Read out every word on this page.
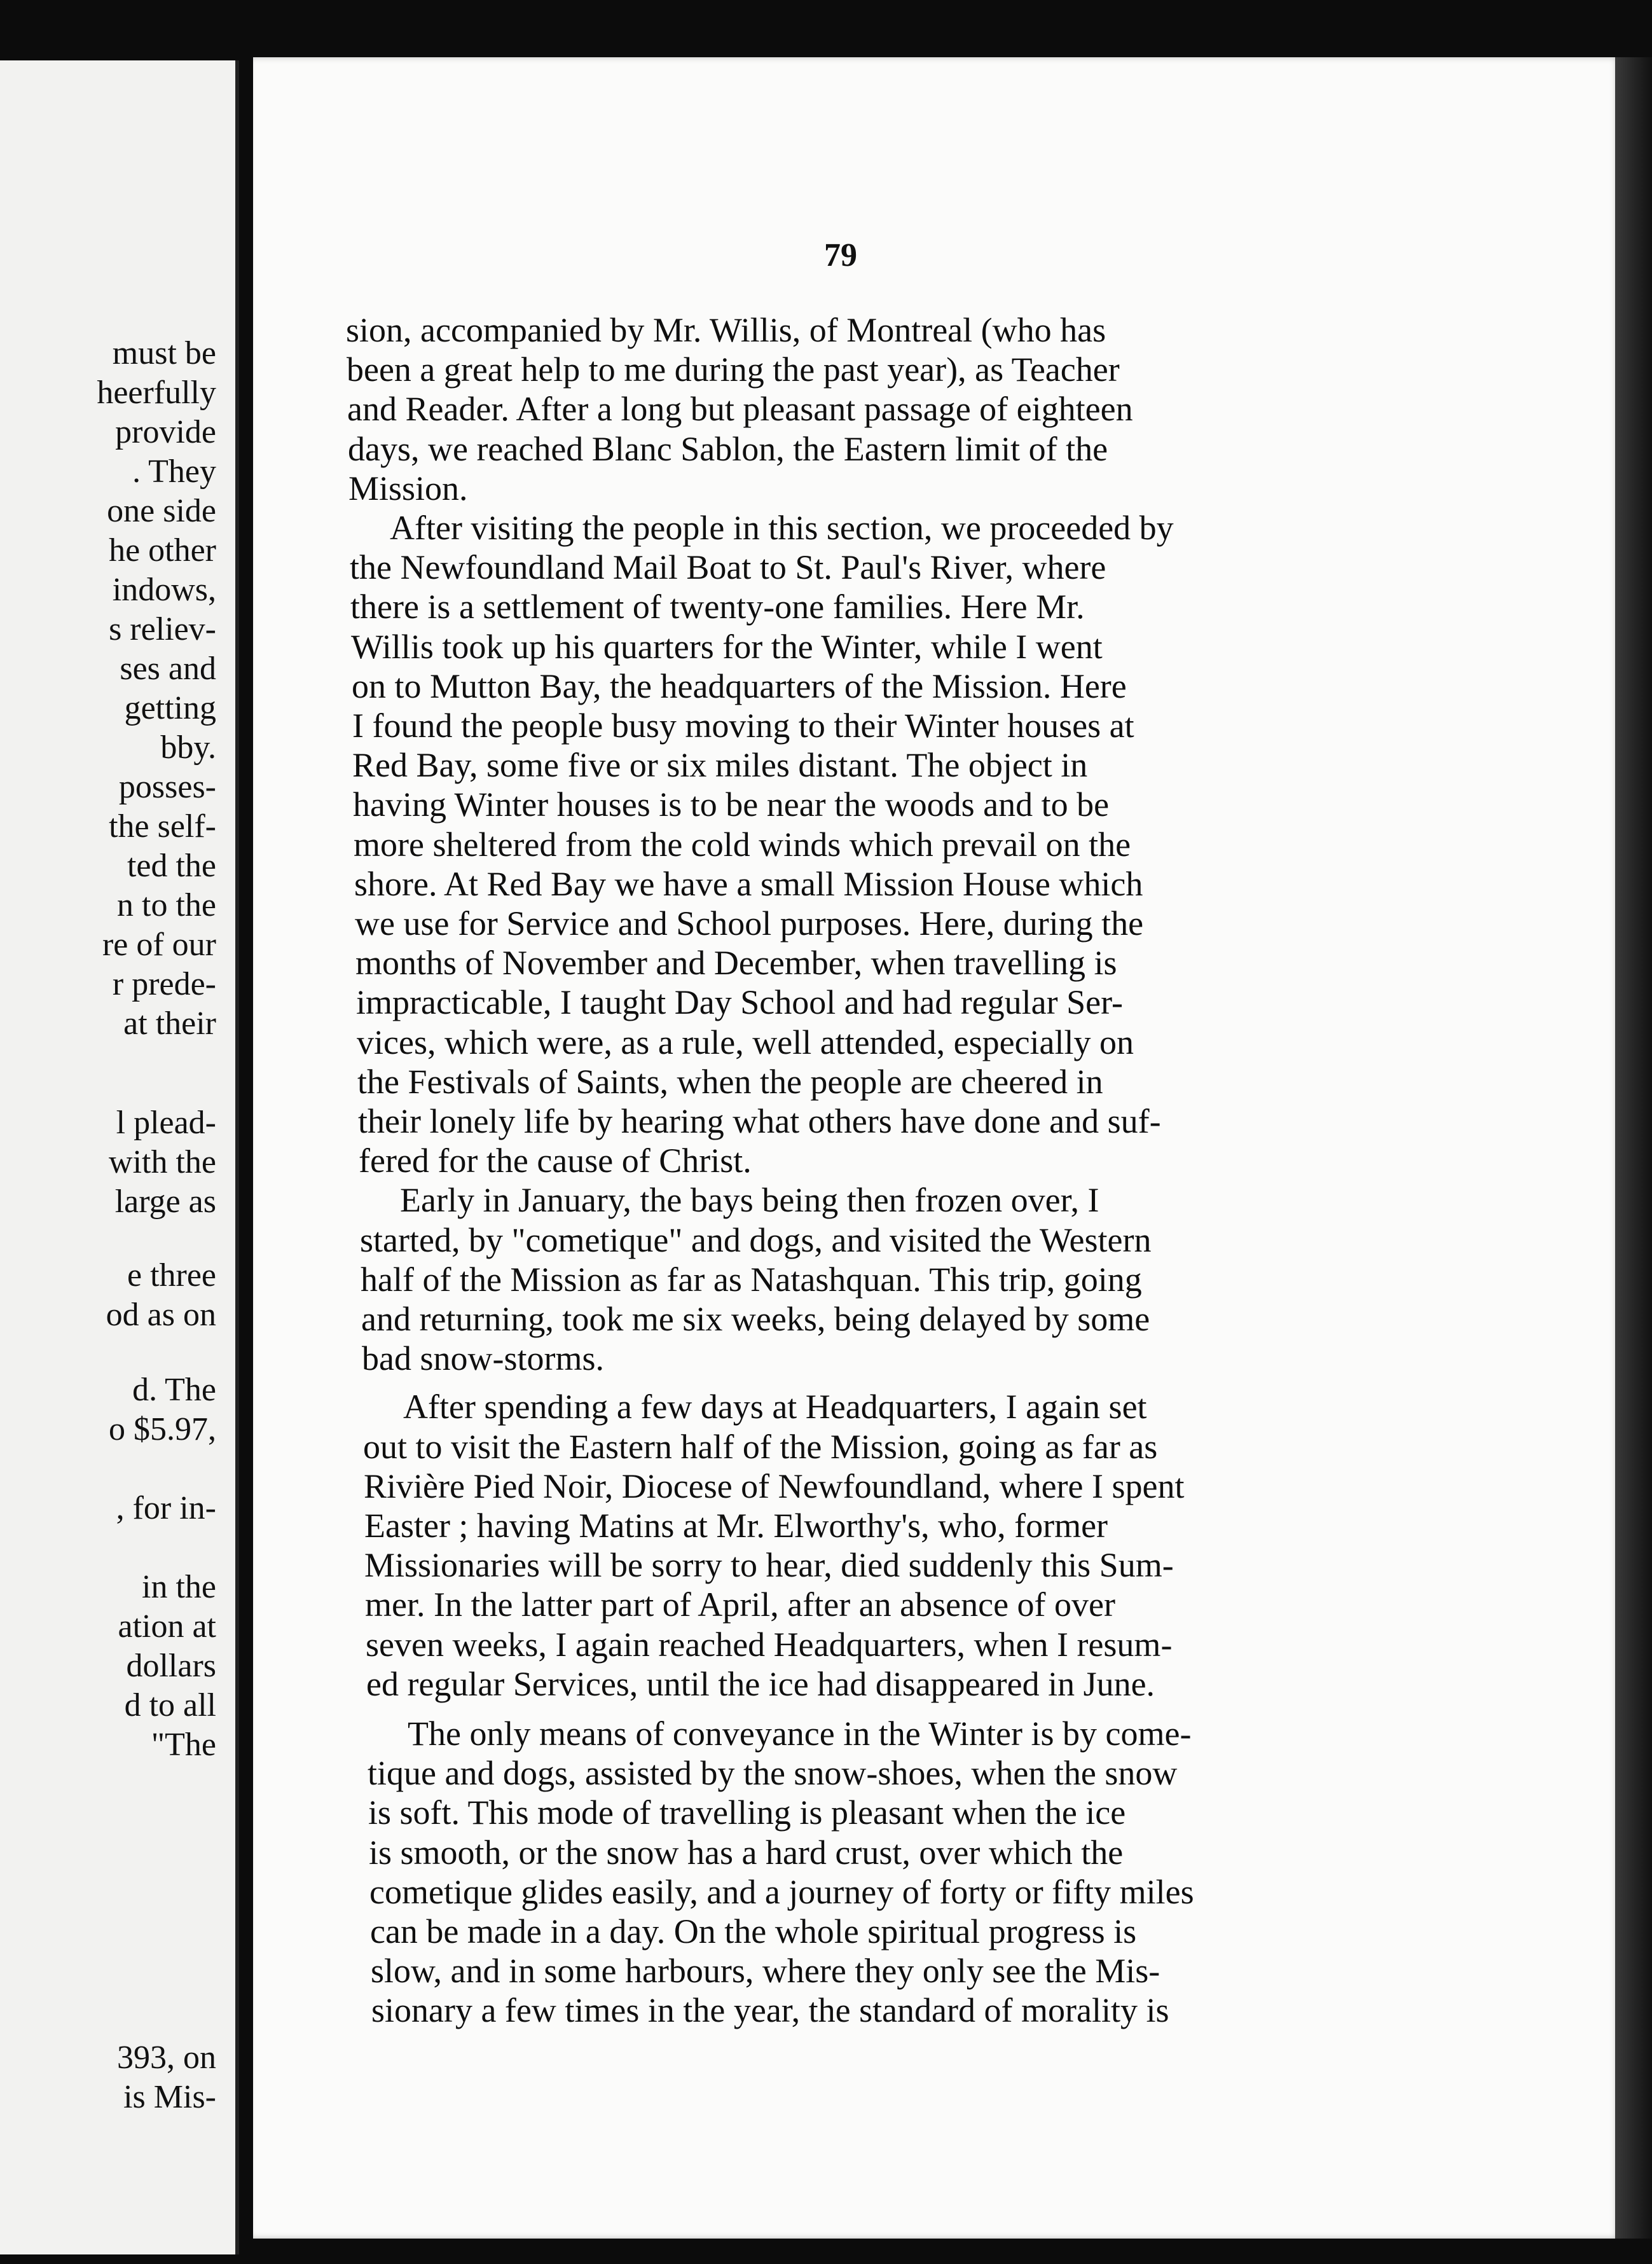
must be
heerfully
provide
. They
one side
he other
indows,
s reliev-
ses and
getting
bby.
posses-
the self-
ted the
n to the
re of our
r prede-
at their
l plead-
with the
large as
e three
od as on
d. The
o $5.97,
, for in-
in the
ation at
dollars
d to all
"The
393, on
is Mis-
79
sion, accompanied by Mr. Willis, of Montreal (who has
been a great help to me during the past year), as Teacher
and Reader. After a long but pleasant passage of eighteen
days, we reached Blanc Sablon, the Eastern limit of the
Mission.
After visiting the people in this section, we proceeded by
the Newfoundland Mail Boat to St. Paul's River, where
there is a settlement of twenty-one families. Here Mr.
Willis took up his quarters for the Winter, while I went
on to Mutton Bay, the headquarters of the Mission. Here
I found the people busy moving to their Winter houses at
Red Bay, some five or six miles distant. The object in
having Winter houses is to be near the woods and to be
more sheltered from the cold winds which prevail on the
shore. At Red Bay we have a small Mission House which
we use for Service and School purposes. Here, during the
months of November and December, when travelling is
impracticable, I taught Day School and had regular Ser-
vices, which were, as a rule, well attended, especially on
the Festivals of Saints, when the people are cheered in
their lonely life by hearing what others have done and suf-
fered for the cause of Christ.
Early in January, the bays being then frozen over, I
started, by "cometique" and dogs, and visited the Western
half of the Mission as far as Natashquan. This trip, going
and returning, took me six weeks, being delayed by some
bad snow-storms.
After spending a few days at Headquarters, I again set
out to visit the Eastern half of the Mission, going as far as
Rivière Pied Noir, Diocese of Newfoundland, where I spent
Easter ; having Matins at Mr. Elworthy's, who, former
Missionaries will be sorry to hear, died suddenly this Sum-
mer. In the latter part of April, after an absence of over
seven weeks, I again reached Headquarters, when I resum-
ed regular Services, until the ice had disappeared in June.
The only means of conveyance in the Winter is by come-
tique and dogs, assisted by the snow-shoes, when the snow
is soft. This mode of travelling is pleasant when the ice
is smooth, or the snow has a hard crust, over which the
cometique glides easily, and a journey of forty or fifty miles
can be made in a day. On the whole spiritual progress is
slow, and in some harbours, where they only see the Mis-
sionary a few times in the year, the standard of morality is
